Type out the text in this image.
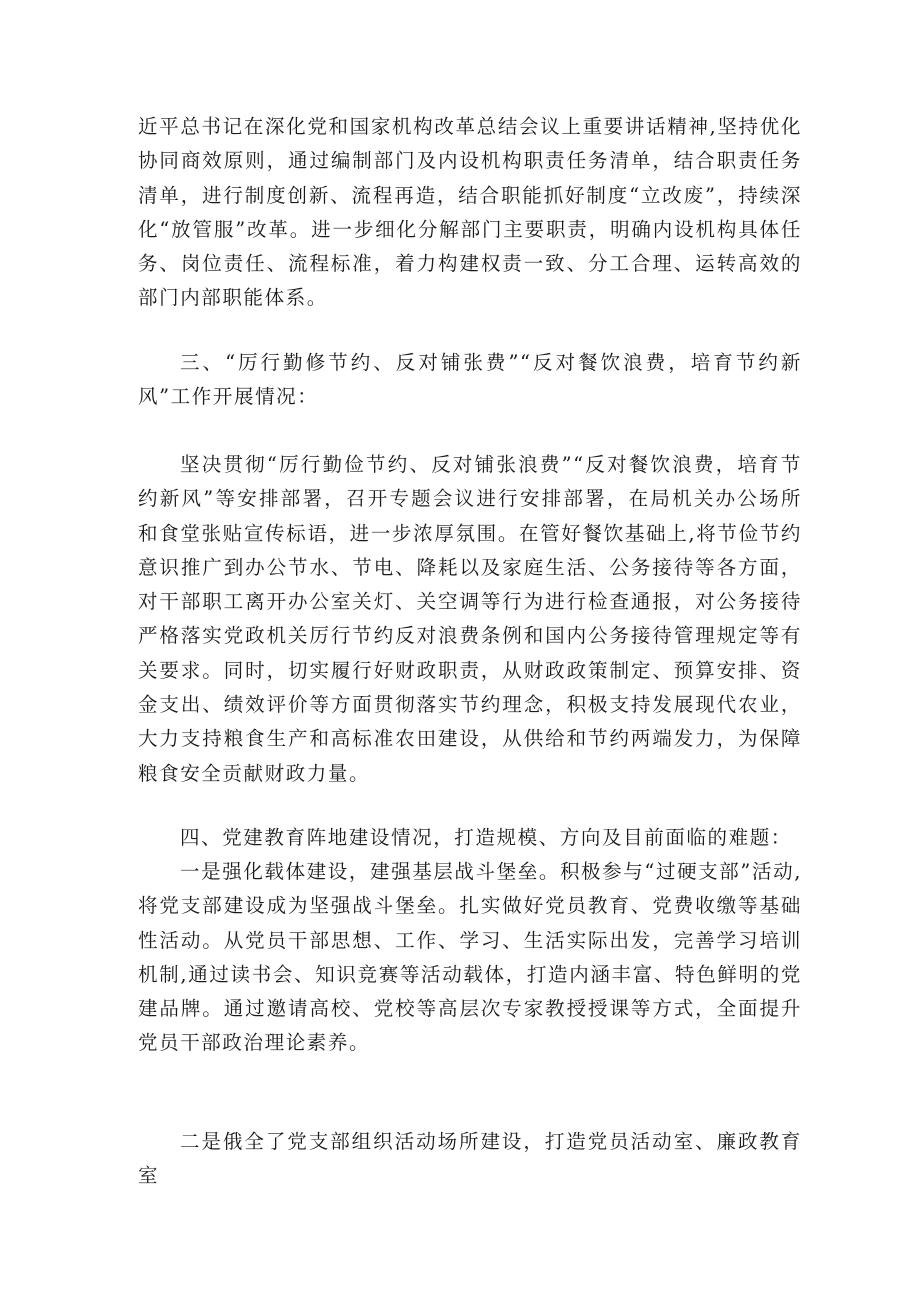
近平总书记在深化党和国家机构改革总结会议上重要讲话精神,坚持优化协同商效原则，通过编制部门及内设机构职责任务清单，结合职责任务清单，进行制度创新、流程再造，结合职能抓好制度“立改废”，持续深化“放管服”改革。进一步细化分解部门主要职责，明确内设机构具体任务、岗位责任、流程标准，着力构建权责一致、分工合理、运转高效的部门内部职能体系。

三、“厉行勤修节约、反对铺张费”“反对餐饮浪费，培育节约新风”工作开展情况：

坚决贯彻“厉行勤俭节约、反对铺张浪费”“反对餐饮浪费，培育节约新风”等安排部署，召开专题会议进行安排部署，在局机关办公场所和食堂张贴宣传标语，进一步浓厚氛围。在管好餐饮基础上,将节俭节约意识推广到办公节水、节电、降耗以及家庭生活、公务接待等各方面，对干部职工离开办公室关灯、关空调等行为进行检查通报，对公务接待严格落实党政机关厉行节约反对浪费条例和国内公务接待管理规定等有关要求。同时，切实履行好财政职责，从财政政策制定、预算安排、资金支出、绩效评价等方面贯彻落实节约理念，积极支持发展现代农业，大力支持粮食生产和高标准农田建设，从供给和节约两端发力，为保障粮食安全贡献财政力量。

四、党建教育阵地建设情况，打造规模、方向及目前面临的难题：

一是强化载体建设，建强基层战斗堡垒。积极参与“过硬支部”活动,将党支部建设成为坚强战斗堡垒。扎实做好党员教育、党费收缴等基础性活动。从党员干部思想、工作、学习、生活实际出发，完善学习培训机制,通过读书会、知识竞赛等活动载体，打造内涵丰富、特色鲜明的党建品牌。通过邀请高校、党校等高层次专家教授授课等方式，全面提升党员干部政治理论素养。

二是俄全了党支部组织活动场所建设，打造党员活动室、廉政教育室
